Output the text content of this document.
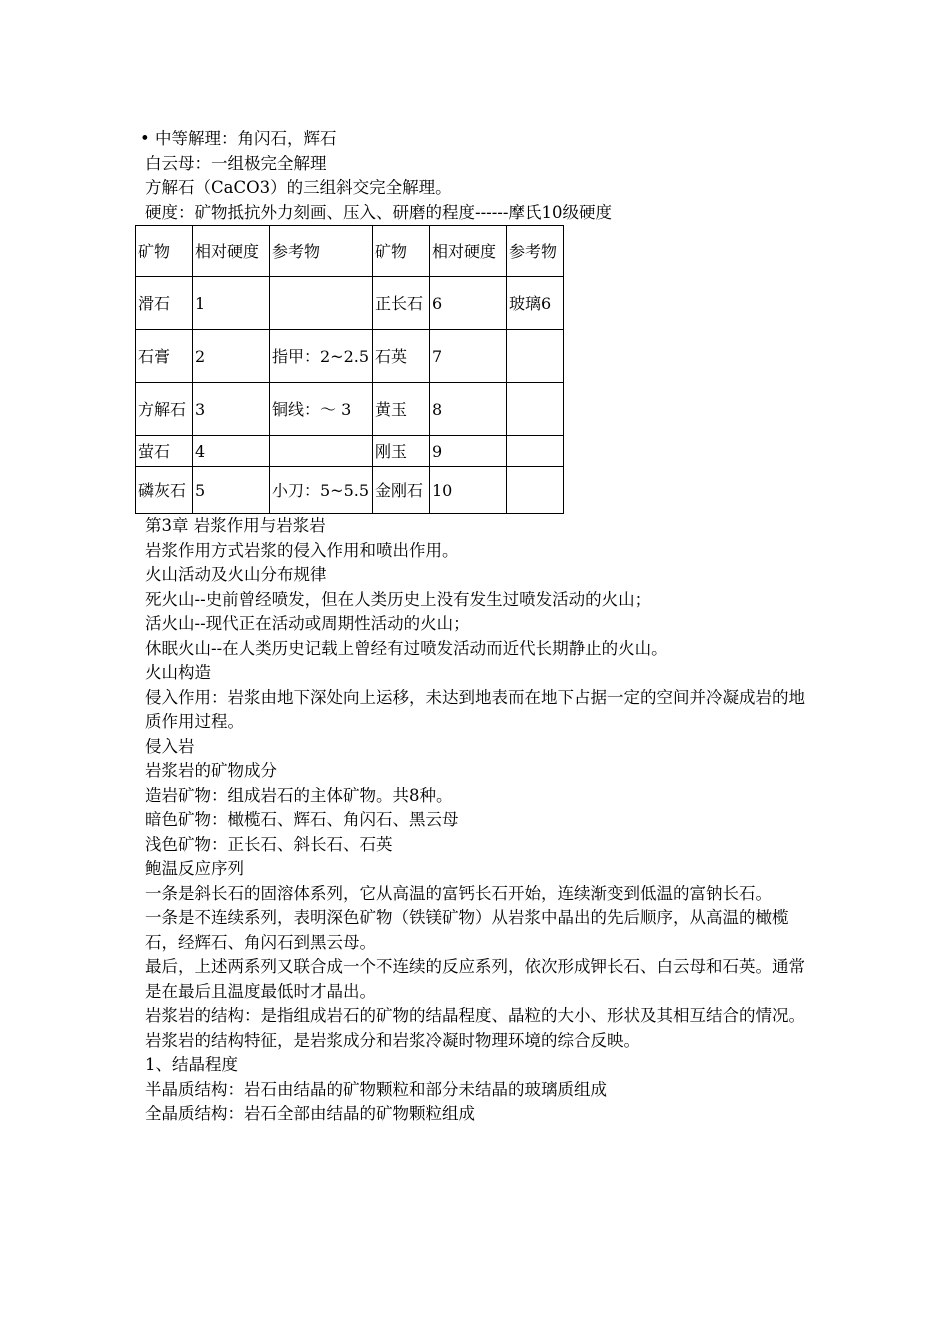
• 中等解理：角闪石，辉石
白云母：一组极完全解理
方解石（CaCO3）的三组斜交完全解理。
硬度：矿物抵抗外力刻画、压入、研磨的程度------摩氏10级硬度
矿物	相对硬度	参考物	矿物	相对硬度	参考物
滑石	1		正长石	6	玻璃6
石膏	2	指甲：2~2.5	石英	7	
方解石	3	铜线：～ 3	黄玉	8	
萤石	4		刚玉	9	
磷灰石	5	小刀：5~5.5	金刚石	10	
第3章 岩浆作用与岩浆岩
岩浆作用方式岩浆的侵入作用和喷出作用。
火山活动及火山分布规律
死火山--史前曾经喷发，但在人类历史上没有发生过喷发活动的火山；
活火山--现代正在活动或周期性活动的火山；
休眠火山--在人类历史记载上曾经有过喷发活动而近代长期静止的火山。
火山构造
侵入作用：岩浆由地下深处向上运移，未达到地表而在地下占据一定的空间并冷凝成岩的地质作用过程。
侵入岩
岩浆岩的矿物成分
造岩矿物：组成岩石的主体矿物。共8种。
暗色矿物：橄榄石、辉石、角闪石、黑云母
浅色矿物：正长石、斜长石、石英
鲍温反应序列
一条是斜长石的固溶体系列，它从高温的富钙长石开始，连续渐变到低温的富钠长石。
一条是不连续系列，表明深色矿物（铁镁矿物）从岩浆中晶出的先后顺序，从高温的橄榄石，经辉石、角闪石到黑云母。
最后，上述两系列又联合成一个不连续的反应系列，依次形成钾长石、白云母和石英。通常是在最后且温度最低时才晶出。
岩浆岩的结构：是指组成岩石的矿物的结晶程度、晶粒的大小、形状及其相互结合的情况。岩浆岩的结构特征，是岩浆成分和岩浆冷凝时物理环境的综合反映。
1、结晶程度
半晶质结构：岩石由结晶的矿物颗粒和部分未结晶的玻璃质组成
全晶质结构：岩石全部由结晶的矿物颗粒组成
